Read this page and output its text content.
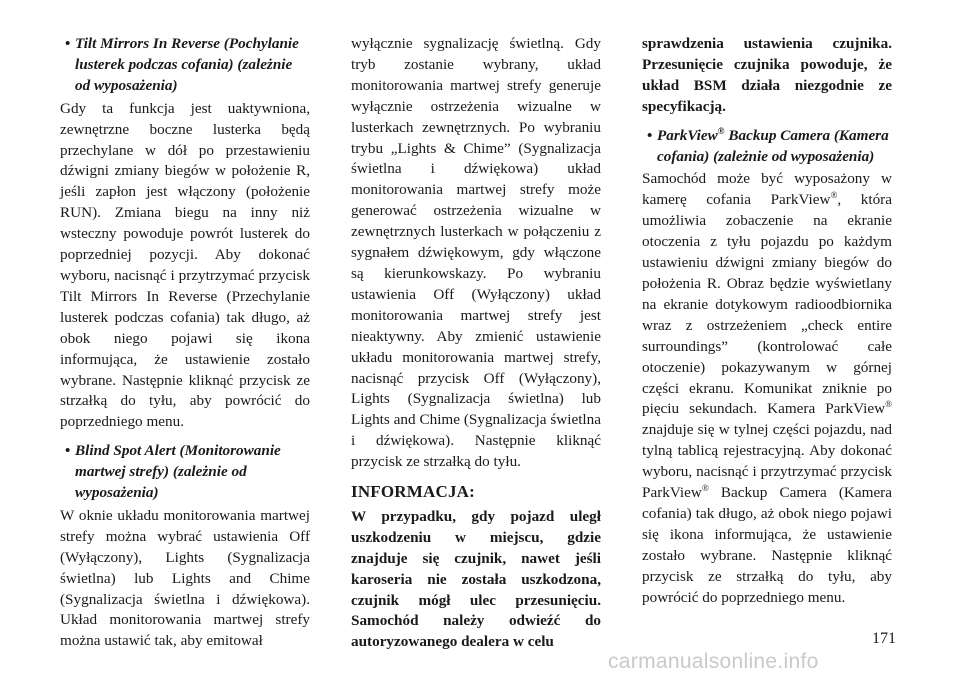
• Tilt Mirrors In Reverse (Pochylanie lusterek podczas cofania) (zależnie od wyposażenia)

Gdy ta funkcja jest uaktywniona, zewnętrzne boczne lusterka będą przechylane w dół po przestawieniu dźwigni zmiany biegów w położenie R, jeśli zapłon jest włączony (położenie RUN). Zmiana biegu na inny niż wsteczny powoduje powrót lusterek do poprzedniej pozycji. Aby dokonać wyboru, nacisnąć i przytrzymać przycisk Tilt Mirrors In Reverse (Przechylanie lusterek podczas cofania) tak długo, aż obok niego pojawi się ikona informująca, że ustawienie zostało wybrane. Następnie kliknąć przycisk ze strzałką do tyłu, aby powrócić do poprzedniego menu.

• Blind Spot Alert (Monitorowanie martwej strefy) (zależnie od wyposażenia)

W oknie układu monitorowania martwej strefy można wybrać ustawienia Off (Wyłączony), Lights (Sygnalizacja świetlna) lub Lights and Chime (Sygnalizacja świetlna i dźwiękowa). Układ monitorowania martwej strefy można ustawić tak, aby emitował

wyłącznie sygnalizację świetlną. Gdy tryb zostanie wybrany, układ monitorowania martwej strefy generuje wyłącznie ostrzeżenia wizualne w lusterkach zewnętrznych. Po wybraniu trybu „Lights & Chime” (Sygnalizacja świetlna i dźwiękowa) układ monitorowania martwej strefy może generować ostrzeżenia wizualne w zewnętrznych lusterkach w połączeniu z sygnałem dźwiękowym, gdy włączone są kierunkowskazy. Po wybraniu ustawienia Off (Wyłączony) układ monitorowania martwej strefy jest nieaktywny. Aby zmienić ustawienie układu monitorowania martwej strefy, nacisnąć przycisk Off (Wyłączony), Lights (Sygnalizacja świetlna) lub Lights and Chime (Sygnalizacja świetlna i dźwiękowa). Następnie kliknąć przycisk ze strzałką do tyłu.

INFORMACJA:

W przypadku, gdy pojazd uległ uszkodzeniu w miejscu, gdzie znajduje się czujnik, nawet jeśli karoseria nie została uszkodzona, czujnik mógł ulec przesunięciu. Samochód należy odwieźć do autoryzowanego dealera w celu

sprawdzenia ustawienia czujnika. Przesunięcie czujnika powoduje, że układ BSM działa niezgodnie ze specyfikacją.

• ParkView® Backup Camera (Kamera cofania) (zależnie od wyposażenia)

Samochód może być wyposażony w kamerę cofania ParkView®, która umożliwia zobaczenie na ekranie otoczenia z tyłu pojazdu po każdym ustawieniu dźwigni zmiany biegów do położenia R. Obraz będzie wyświetlany na ekranie dotykowym radioodbiornika wraz z ostrzeżeniem „check entire surroundings” (kontrolować całe otoczenie) pokazywanym w górnej części ekranu. Komunikat zniknie po pięciu sekundach. Kamera ParkView® znajduje się w tylnej części pojazdu, nad tylną tablicą rejestracyjną. Aby dokonać wyboru, nacisnąć i przytrzymać przycisk ParkView® Backup Camera (Kamera cofania) tak długo, aż obok niego pojawi się ikona informująca, że ustawienie zostało wybrane. Następnie kliknąć przycisk ze strzałką do tyłu, aby powrócić do poprzedniego menu.

171
carmanualsonline.info
